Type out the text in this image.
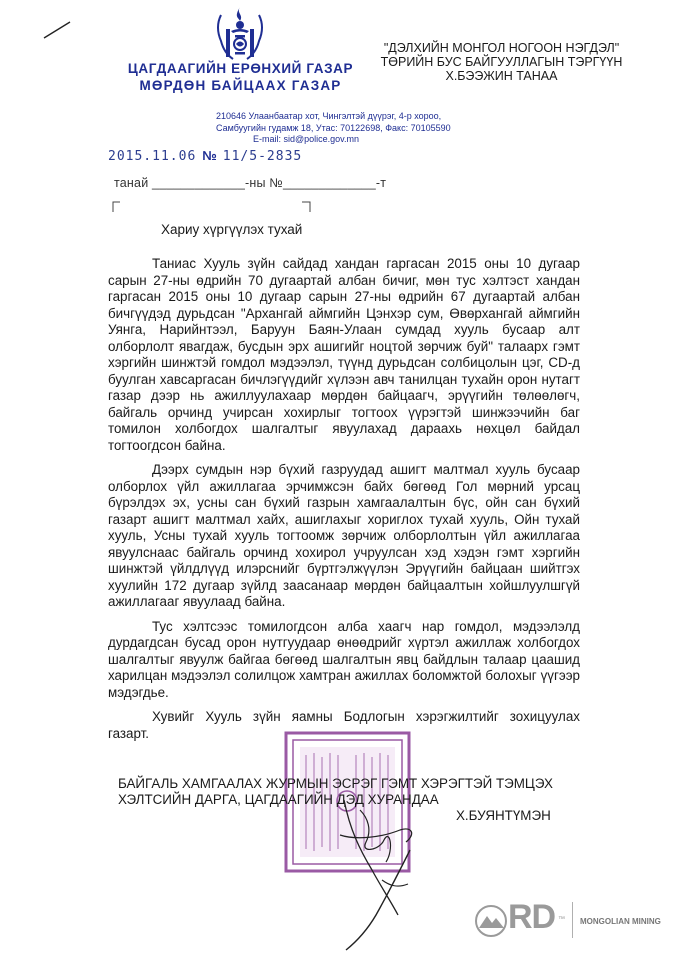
ЦАГДААГИЙН ЕРӨНХИЙ ГАЗАР
МӨРДӨН БАЙЦААХ ГАЗАР
210646 Улаанбаатар хот, Чингэлтэй дүүрэг, 4-р хороо,
Самбуугийн гудамж 18, Утас: 70122698, Факс: 70105590
E-mail: sid@police.gov.mn
"ДЭЛХИЙН МОНГОЛ НОГООН НЭГДЭЛ"
ТӨРИЙН БУС БАЙГУУЛЛАГЫН ТЭРГҮҮН
Х.БЭЭЖИН ТАНАА
2015.11.06 № 11/5-2835
танай _____________-ны №_____________-т
Хариу хүргүүлэх тухай

Таниас Хууль зүйн сайдад хандан гаргасан 2015 оны 10 дугаар сарын 27-ны өдрийн 70 дугаартай албан бичиг, мөн тус хэлтэст хандан гаргасан 2015 оны 10 дугаар сарын 27-ны өдрийн 67 дугаартай албан бичгүүдэд дурьдсан "Архангай аймгийн Цэнхэр сум, Өвөрхангай аймгийн Уянга, Нарийнтээл, Баруун Баян-Улаан сумдад хууль бусаар алт олборлолт явагдаж, бусдын эрх ашигийг ноцтой зөрчиж буй" талаарх гэмт хэргийн шинжтэй гомдол мэдээлэл, түүнд дурьдсан солбицолын цэг, CD-д буулган хавсаргасан бичлэгүүдийг хүлээн авч танилцан тухайн орон нутагт газар дээр нь ажиллуулахаар мөрдөн байцаагч, эрүүгийн төлөөлөгч, байгаль орчинд учирсан хохирлыг тогтоох үүрэгтэй шинжээчийн баг томилон холбогдох шалгалтыг явуулахад дараахь нөхцөл байдал тогтоогдсон байна.

Дээрх сумдын нэр бүхий газруудад ашигт малтмал хууль бусаар олборлох үйл ажиллагаа эрчимжсэн байх бөгөөд Гол мөрний урсац бүрэлдэх эх, усны сан бүхий газрын хамгаалалтын бүс, ойн сан бүхий газарт ашигт малтмал хайх, ашиглахыг хориглох тухай хууль, Ойн тухай хууль, Усны тухай хууль тогтоомж зөрчиж олборлолтын үйл ажиллагаа явуулснаас байгаль орчинд хохирол учруулсан хэд хэдэн гэмт хэргийн шинжтэй үйлдлүүд илэрснийг бүртгэлжүүлэн Эрүүгийн байцаан шийтгэх хуулийн 172 дугаар зүйлд заасанаар мөрдөн байцаалтын хойшлуулшгүй ажиллагааг явуулаад байна.

Тус хэлтсээс томилогдсон алба хаагч нар гомдол, мэдээлэлд дурдагдсан бусад орон нутгуудаар өнөөдрийг хүртэл ажиллаж холбогдох шалгалтыг явуулж байгаа бөгөөд шалгалтын явц байдлын талаар цаашид харилцан мэдээлэл солилцож хамтран ажиллах боломжтой болохыг үүгээр мэдэгдье.

Хувийг Хууль зүйн яамны Бодлогын хэрэгжилтийг зохицуулах газарт.

БАЙГАЛЬ ХАМГААЛАХ ЖУРМЫН ЭСРЭГ ГЭМТ ХЭРЭГТЭЙ ТЭМЦЭХ
ХЭЛТСИЙН ДАРГА, ЦАГДААГИЙН ДЭД ХУРАНДАА
Х.БУЯНТҮМЭН
RD ™ MONGOLIAN MINING
